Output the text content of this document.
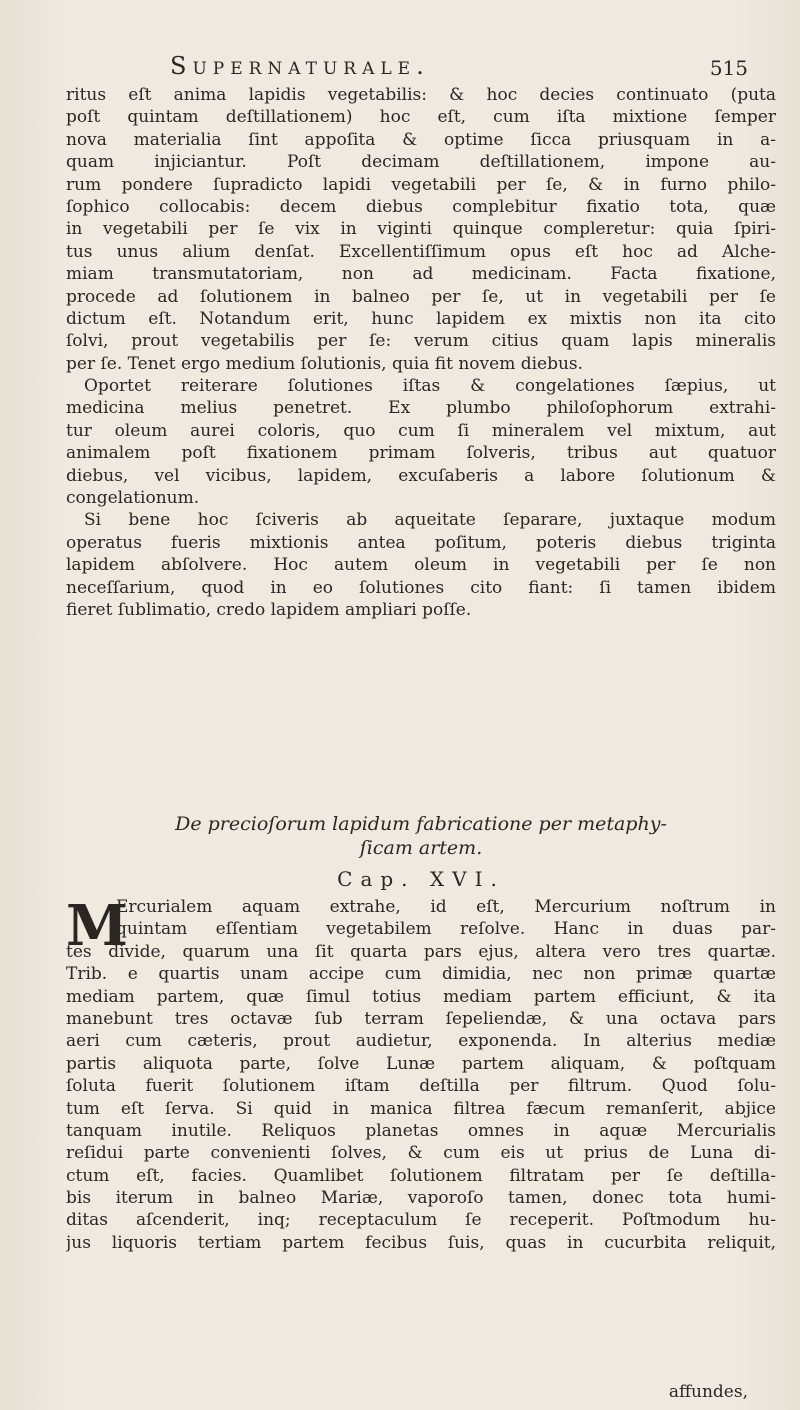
Supernaturale.	515
ritus eſt anima lapidis vegetabilis: & hoc decies continuato (puta
poſt quintam deſtillationem) hoc eſt, cum iſta mixtione ſemper
nova materialia ſint appoſita & optime ſicca priusquam in a-
quam injiciantur. Poſt decimam deſtillationem, impone au-
rum pondere ſupradicto lapidi vegetabili per ſe, & in furno philo-
ſophico collocabis: decem diebus complebitur fixatio tota, quæ
in vegetabili per ſe vix in viginti quinque compleretur: quia ſpiri-
tus unus alium denſat. Excellentiſſimum opus eſt hoc ad Alche-
miam transmutatoriam, non ad medicinam. Facta fixatione,
procede ad ſolutionem in balneo per ſe, ut in vegetabili per ſe
dictum eſt. Notandum erit, hunc lapidem ex mixtis non ita cito
ſolvi, prout vegetabilis per ſe: verum citius quam lapis mineralis
per ſe. Tenet ergo medium ſolutionis, quia fit novem diebus.
Oportet reiterare ſolutiones iſtas & congelationes ſæpius, ut
medicina melius penetret. Ex plumbo philoſophorum extrahi-
tur oleum aurei coloris, quo cum ſi mineralem vel mixtum, aut
animalem poſt fixationem primam ſolveris, tribus aut quatuor
diebus, vel vicibus, lapidem, excuſaberis a labore ſolutionum &
congelationum.
Si bene hoc ſciveris ab aqueitate ſeparare, juxtaque modum
operatus fueris mixtionis antea poſitum, poteris diebus triginta
lapidem abſolvere. Hoc autem oleum in vegetabili per ſe non
neceſſarium, quod in eo ſolutiones cito fiant: ſi tamen ibidem
fieret ſublimatio, credo lapidem ampliari poſſe.
De precioſorum lapidum fabricatione per metaphy-
ſicam artem.
Cap. XVI.
M
Ercurialem aquam extrahe, id eſt, Mercurium noſtrum in
quintam eſſentiam vegetabilem reſolve. Hanc in duas par-
tes divide, quarum una ſit quarta pars ejus, altera vero tres quartæ.
Trib. e quartis unam accipe cum dimidia, nec non primæ quartæ
mediam partem, quæ ſimul totius mediam partem efficiunt, & ita
manebunt tres octavæ ſub terram ſepeliendæ, & una octava pars
aeri cum cæteris, prout audietur, exponenda. In alterius mediæ
partis aliquota parte, ſolve Lunæ partem aliquam, & poſtquam
ſoluta fuerit ſolutionem iſtam deſtilla per filtrum. Quod ſolu-
tum eſt ſerva. Si quid in manica filtrea fæcum remanſerit, abjice
tanquam inutile. Reliquos planetas omnes in aquæ Mercurialis
reſidui parte convenienti ſolves, & cum eis ut prius de Luna di-
ctum eſt, facies. Quamlibet ſolutionem filtratam per ſe deſtilla-
bis iterum in balneo Mariæ, vaporoſo tamen, donec tota humi-
ditas aſcenderit, inq; receptaculum ſe receperit. Poſtmodum hu-
jus liquoris tertiam partem fecibus ſuis, quas in cucurbita reliquit,
affundes,
